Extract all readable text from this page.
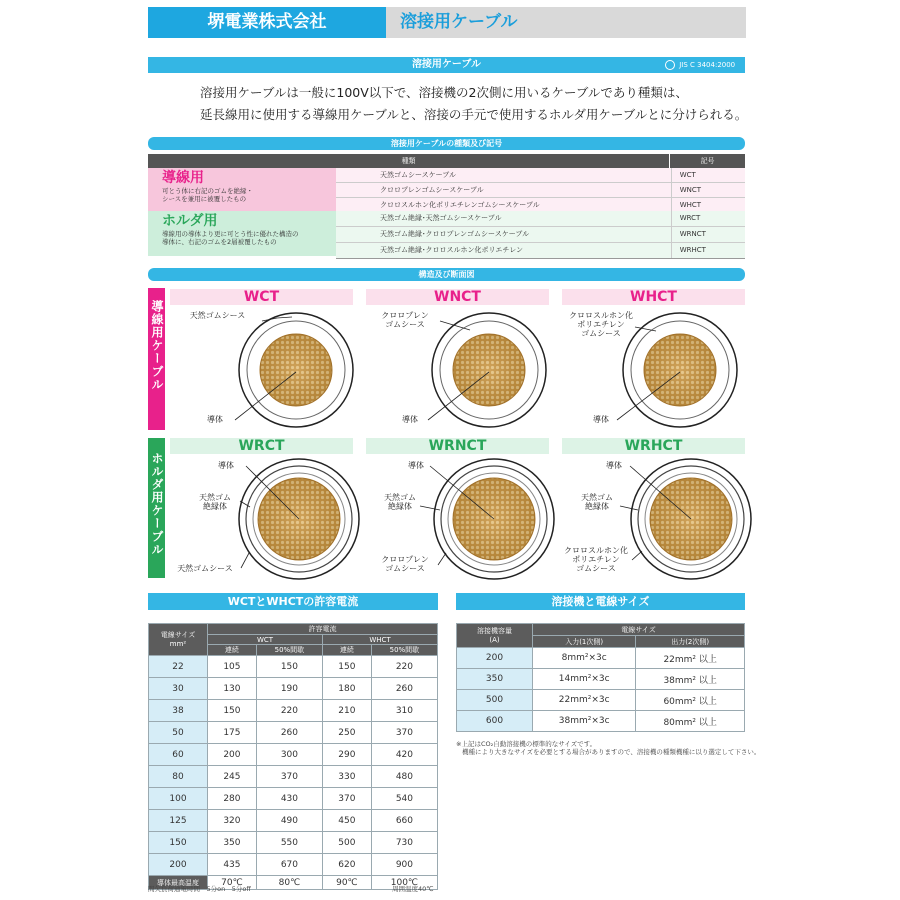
堺電業株式会社	溶接用ケーブル
溶接用ケーブル	JIS C 3404:2000
溶接用ケーブルは一般に100V以下で、溶接機の2次側に用いるケーブルであり種類は、
延長線用に使用する導線用ケーブルと、溶接の手元で使用するホルダ用ケーブルとに分けられる。
溶接用ケーブルの種類及び記号
種類	記号
導線用
可とう体に右記のゴムを絶縁・
シースを兼用に被覆したもの
天然ゴムシースケーブル	WCT
クロロプレンゴムシースケーブル	WNCT
クロロスルホン化ポリエチレンゴムシースケーブル	WHCT
ホルダ用
導線用の導体より更に可とう性に優れた構造の
導体に、右記のゴムを2層被覆したもの
天然ゴム絶縁･天然ゴムシースケーブル	WRCT
天然ゴム絶縁･クロロプレンゴムシースケーブル	WRNCT
天然ゴム絶縁･クロロスルホン化ポリエチレン	WRHCT
構造及び断面図
導線用ケーブル
ホルダ用ケーブル
WCT	WNCT	WHCT
WRCT	WRNCT	WRHCT
天然ゴムシース
導体
クロロプレン
ゴムシース
導体
クロロスルホン化
ポリエチレン
ゴムシース
導体
導体
天然ゴム
絶縁体
天然ゴムシース
導体
天然ゴム
絶縁体
クロロプレン
ゴムシース
導体
天然ゴム
絶縁体
クロロスルホン化
ポリエチレン
ゴムシース
WCTとWHCTの許容電流
電線サイズ
mm²	許容電流			
	WCT		WHCT	
	連続	50%間歇	連続	50%間歇
22	105	150	150	220
30	130	190	180	260
38	150	220	210	310
50	175	260	250	370
60	200	300	290	420
80	245	370	330	480
100	280	430	370	540
125	320	490	450	660
150	350	550	500	730
200	435	670	620	900
導体最高温度	70℃	80℃	90℃	100℃
間欠負荷通電時間　5分on　5分off	周囲温度40℃
溶接機と電線サイズ
溶接機容量
(A)	電線サイズ	
	入力(1次側)	出力(2次側)
200	8mm²×3c	22mm² 以上
350	14mm²×3c	38mm² 以上
500	22mm²×3c	60mm² 以上
600	38mm²×3c	80mm² 以上
※上記はCO₂自動溶接機の標準的なサイズです。
機種により大きなサイズを必要とする場合がありますので、溶接機の種類機種に以り選定して下さい。
